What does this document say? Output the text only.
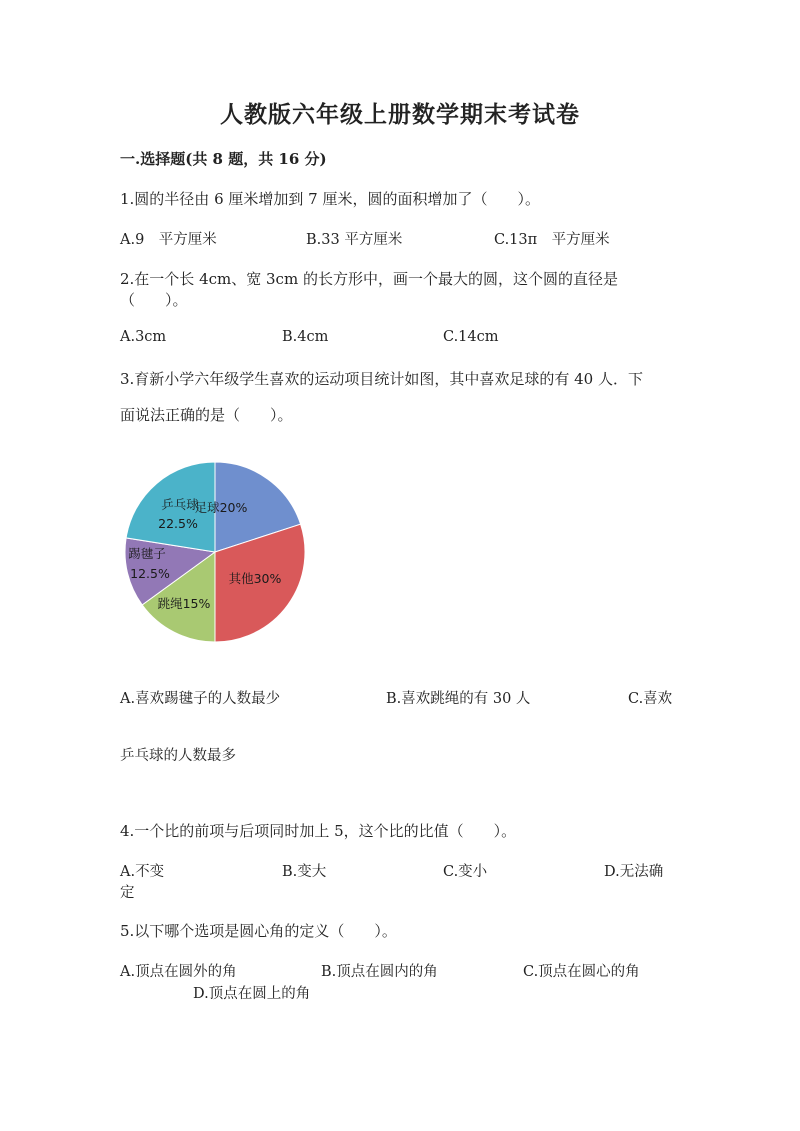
人教版六年级上册数学期末考试卷
一.选择题(共 8 题，共 16 分)
1.圆的半径由 6 厘米增加到 7 厘米，圆的面积增加了（　　）。
A.9　平方厘米	B.33 平方厘米	C.13π　平方厘米
2.在一个长 4cm、宽 3cm 的长方形中，画一个最大的圆，这个圆的直径是
（　　）。
A.3cm	B.4cm	C.14cm
3.育新小学六年级学生喜欢的运动项目统计如图，其中喜欢足球的有 40 人．下
面说法正确的是（　　）。
足球20%
其他30%
跳绳15%
踢毽子
12.5%
乒乓球
22.5%
A.喜欢踢毽子的人数最少	B.喜欢跳绳的有 30 人	C.喜欢
乒乓球的人数最多
4.一个比的前项与后项同时加上 5，这个比的比值（　　）。
A.不变	B.变大	C.变小	D.无法确
定
5.以下哪个选项是圆心角的定义（　　）。
A.顶点在圆外的角	B.顶点在圆内的角	C.顶点在圆心的角
D.顶点在圆上的角
